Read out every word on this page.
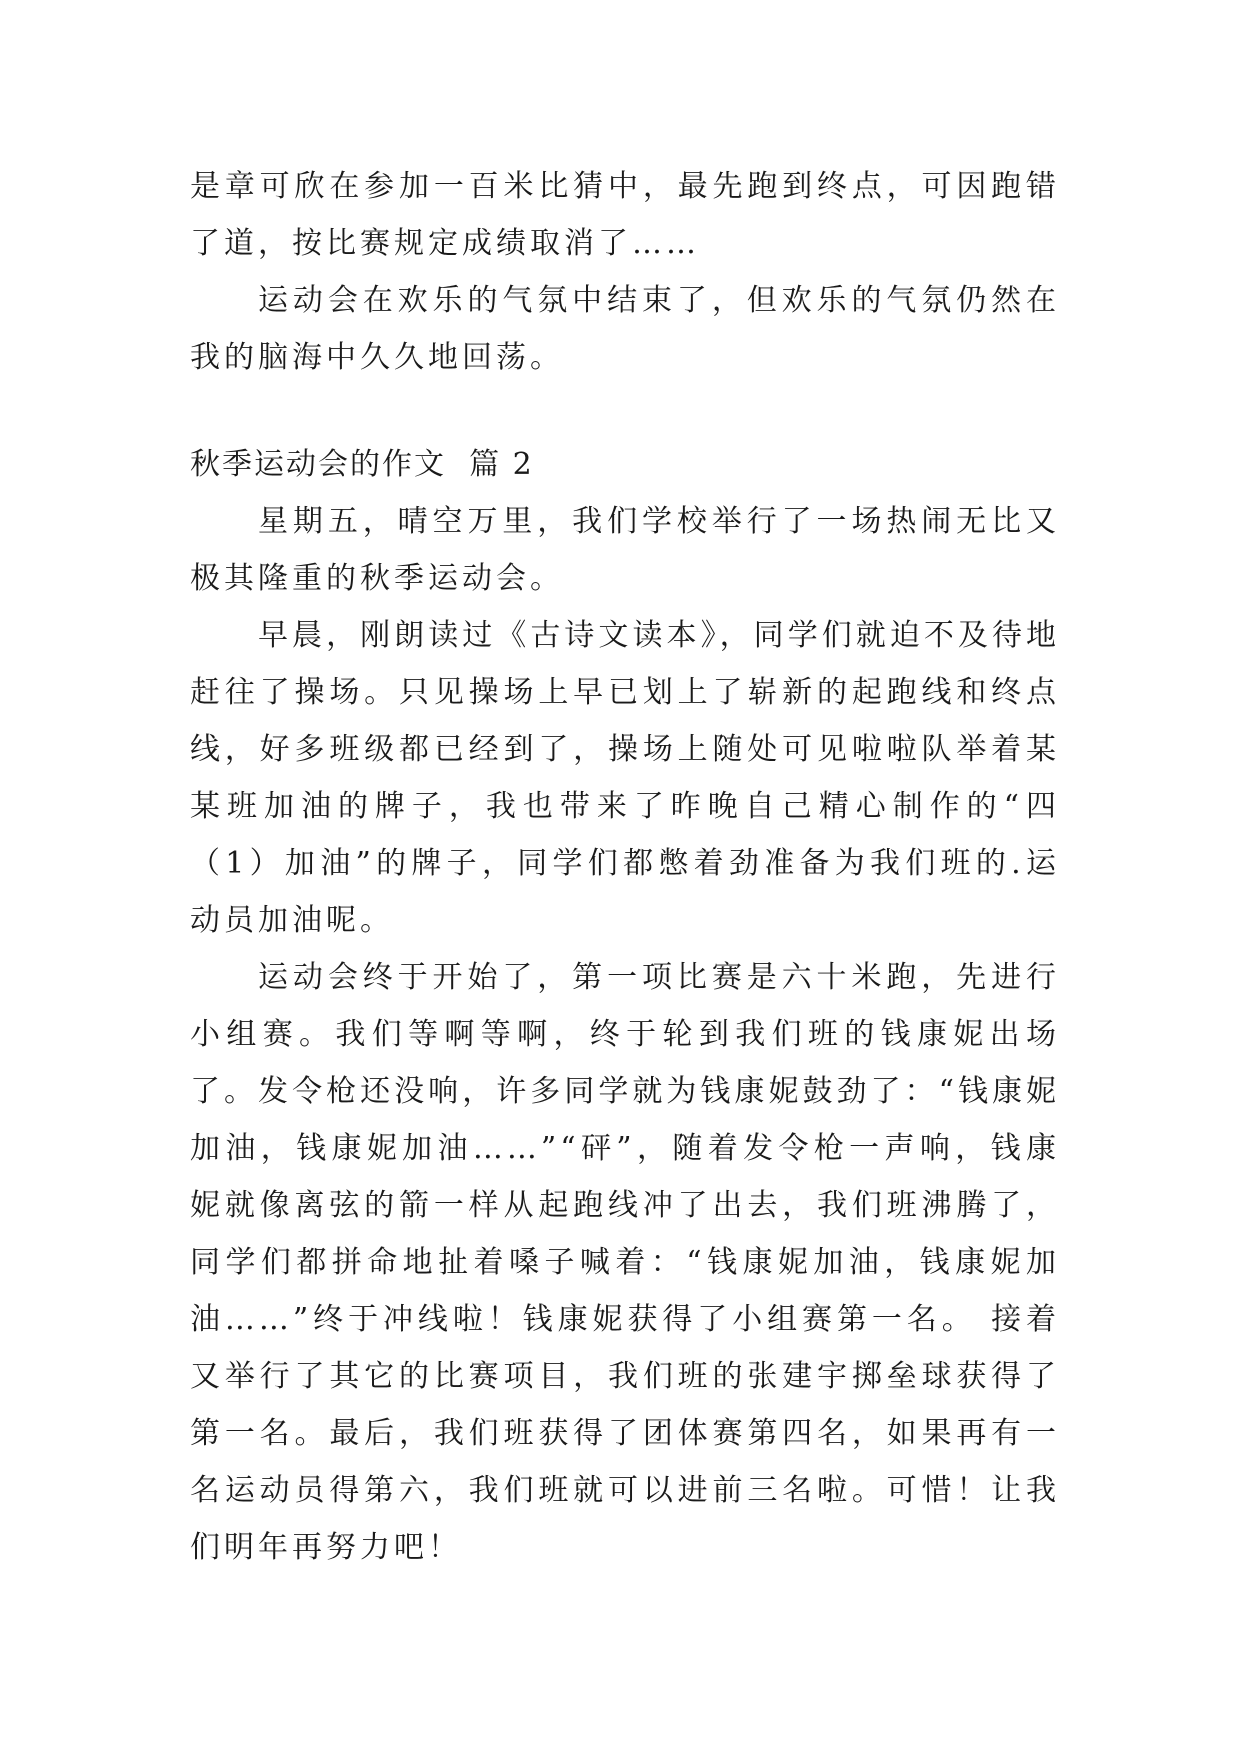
是章可欣在参加一百米比猜中，最先跑到终点，可因跑错了道，按比赛规定成绩取消了……

运动会在欢乐的气氛中结束了，但欢乐的气氛仍然在我的脑海中久久地回荡。

秋季运动会的作文  篇 2

星期五，晴空万里，我们学校举行了一场热闹无比又极其隆重的秋季运动会。

早晨，刚朗读过《古诗文读本》，同学们就迫不及待地赶往了操场。只见操场上早已划上了崭新的起跑线和终点线，好多班级都已经到了，操场上随处可见啦啦队举着某某班加油的牌子，我也带来了昨晚自己精心制作的“四（1）加油”的牌子，同学们都憋着劲准备为我们班的.运动员加油呢。

运动会终于开始了，第一项比赛是六十米跑，先进行小组赛。我们等啊等啊，终于轮到我们班的钱康妮出场了。发令枪还没响，许多同学就为钱康妮鼓劲了：“钱康妮加油，钱康妮加油……”“砰”，随着发令枪一声响，钱康妮就像离弦的箭一样从起跑线冲了出去，我们班沸腾了，同学们都拼命地扯着嗓子喊着：“钱康妮加油，钱康妮加油……”终于冲线啦！钱康妮获得了小组赛第一名。 接着又举行了其它的比赛项目，我们班的张建宇掷垒球获得了第一名。最后，我们班获得了团体赛第四名，如果再有一名运动员得第六，我们班就可以进前三名啦。可惜！让我们明年再努力吧！
